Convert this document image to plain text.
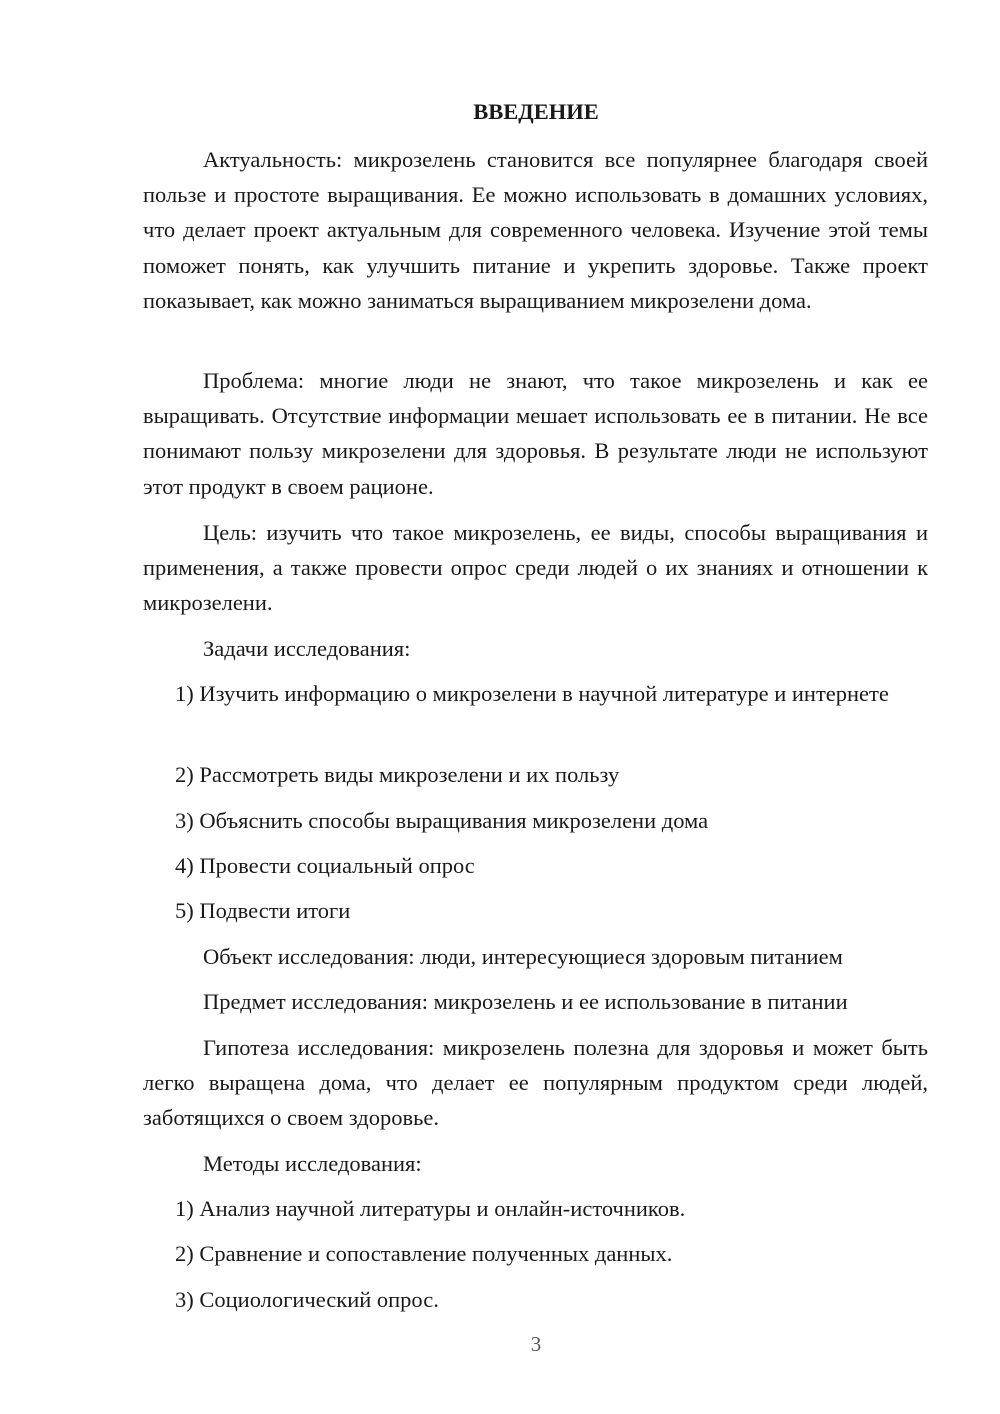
ВВЕДЕНИЕ

Актуальность: микрозелень становится все популярнее благодаря своей пользе и простоте выращивания. Ее можно использовать в домашних условиях, что делает проект актуальным для современного человека. Изучение этой темы поможет понять, как улучшить питание и укрепить здоровье. Также проект показывает, как можно заниматься выращиванием микрозелени дома.

Проблема: многие люди не знают, что такое микрозелень и как ее выращивать. Отсутствие информации мешает использовать ее в питании. Не все понимают пользу микрозелени для здоровья. В результате люди не используют этот продукт в своем рационе.

Цель: изучить что такое микрозелень, ее виды, способы выращивания и применения, а также провести опрос среди людей о их знаниях и отношении к микрозелени.

Задачи исследования:

1) Изучить информацию о микрозелени в научной литературе и интернете

2) Рассмотреть виды микрозелени и их пользу
3) Объяснить способы выращивания микрозелени дома
4) Провести социальный опрос
5) Подвести итоги
Объект исследования: люди, интересующиеся здоровым питанием
Предмет исследования: микрозелень и ее использование в питании

Гипотеза исследования: микрозелень полезна для здоровья и может быть легко выращена дома, что делает ее популярным продуктом среди людей, заботящихся о своем здоровье.

Методы исследования:
1) Анализ научной литературы и онлайн-источников.
2) Сравнение и сопоставление полученных данных.
3) Социологический опрос.
3
